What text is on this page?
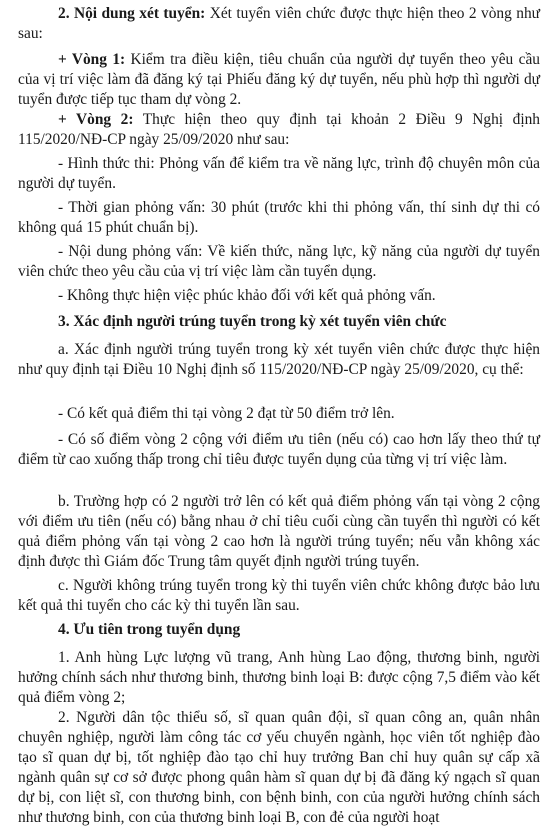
2. Nội dung xét tuyển: Xét tuyển viên chức được thực hiện theo 2 vòng như sau:

+ Vòng 1: Kiểm tra điều kiện, tiêu chuẩn của người dự tuyển theo yêu cầu của vị trí việc làm đã đăng ký tại Phiếu đăng ký dự tuyển, nếu phù hợp thì người dự tuyển được tiếp tục tham dự vòng 2.

+ Vòng 2: Thực hiện theo quy định tại khoản 2 Điều 9 Nghị định 115/2020/NĐ-CP ngày 25/09/2020 như sau:

- Hình thức thi: Phỏng vấn để kiểm tra về năng lực, trình độ chuyên môn của người dự tuyển.

- Thời gian phỏng vấn: 30 phút (trước khi thi phỏng vấn, thí sinh dự thi có không quá 15 phút chuẩn bị).

- Nội dung phỏng vấn: Về kiến thức, năng lực, kỹ năng của người dự tuyển viên chức theo yêu cầu của vị trí việc làm cần tuyển dụng.

- Không thực hiện việc phúc khảo đối với kết quả phỏng vấn.

3. Xác định người trúng tuyển trong kỳ xét tuyển viên chức

a. Xác định người trúng tuyển trong kỳ xét tuyển viên chức được thực hiện như quy định tại Điều 10 Nghị định số 115/2020/NĐ-CP ngày 25/09/2020, cụ thể:

- Có kết quả điểm thi tại vòng 2 đạt từ 50 điểm trở lên.

- Có số điểm vòng 2 cộng với điểm ưu tiên (nếu có) cao hơn lấy theo thứ tự điểm từ cao xuống thấp trong chỉ tiêu được tuyển dụng của từng vị trí việc làm.

b. Trường hợp có 2 người trở lên có kết quả điểm phỏng vấn tại vòng 2 cộng với điểm ưu tiên (nếu có) bằng nhau ở chỉ tiêu cuối cùng cần tuyển thì người có kết quả điểm phỏng vấn tại vòng 2 cao hơn là người trúng tuyển; nếu vẫn không xác định được thì Giám đốc Trung tâm quyết định người trúng tuyển.

c. Người không trúng tuyển trong kỳ thi tuyển viên chức không được bảo lưu kết quả thi tuyển cho các kỳ thi tuyển lần sau.

4. Ưu tiên trong tuyển dụng

1. Anh hùng Lực lượng vũ trang, Anh hùng Lao động, thương binh, người hưởng chính sách như thương binh, thương binh loại B: được cộng 7,5 điểm vào kết quả điểm vòng 2;

2. Người dân tộc thiểu số, sĩ quan quân đội, sĩ quan công an, quân nhân chuyên nghiệp, người làm công tác cơ yếu chuyển ngành, học viên tốt nghiệp đào tạo sĩ quan dự bị, tốt nghiệp đào tạo chỉ huy trưởng Ban chỉ huy quân sự cấp xã ngành quân sự cơ sở được phong quân hàm sĩ quan dự bị đã đăng ký ngạch sĩ quan dự bị, con liệt sĩ, con thương binh, con bệnh binh, con của người hưởng chính sách như thương binh, con của thương binh loại B, con đẻ của người hoạt
